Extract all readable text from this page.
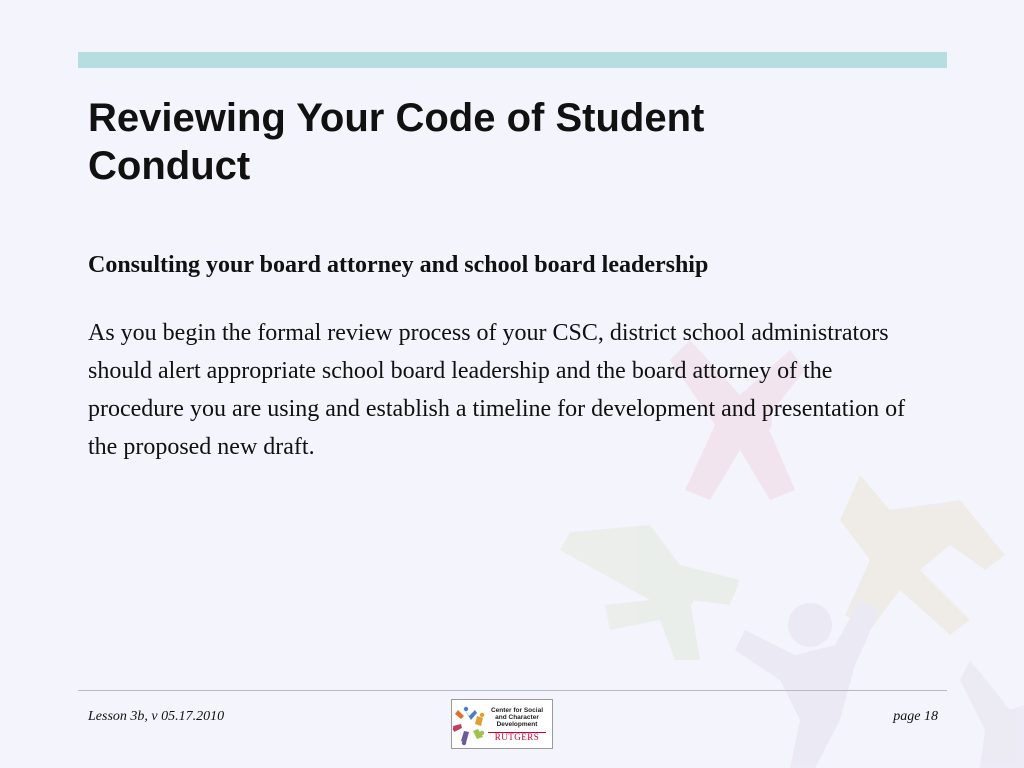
Reviewing Your Code of Student
Conduct

Consulting your board attorney and school board leadership

As you begin the formal review process of your CSC, district school administrators should alert appropriate school board leadership and the board attorney of the procedure you are using and establish a timeline for development and presentation of the proposed new draft.

Lesson 3b, v 05.17.2010	Center for Social
and Character
Development
RUTGERS
page 18
